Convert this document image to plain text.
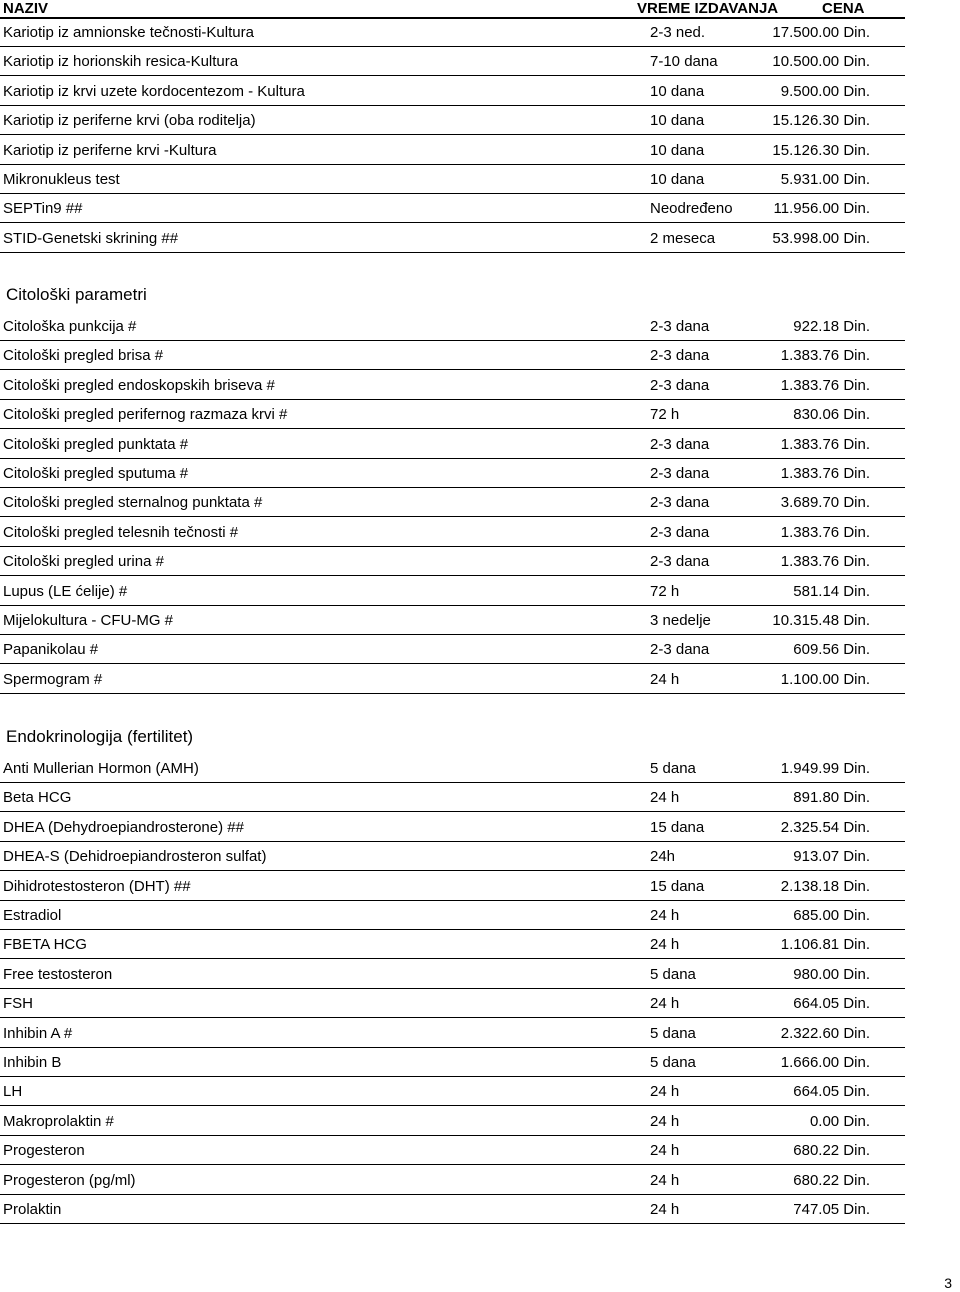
NAZIV	VREME IZDAVANJA	CENA
Kariotip iz amnionske tečnosti-Kultura	2-3 ned.	17.500.00 Din.
Kariotip iz horionskih resica-Kultura	7-10 dana	10.500.00 Din.
Kariotip iz krvi uzete kordocentezom - Kultura	10 dana	9.500.00 Din.
Kariotip iz periferne krvi (oba roditelja)	10 dana	15.126.30 Din.
Kariotip iz periferne krvi -Kultura	10 dana	15.126.30 Din.
Mikronukleus test	10 dana	5.931.00 Din.
SEPTin9 ##	Neodređeno	11.956.00 Din.
STID-Genetski skrining ##	2 meseca	53.998.00 Din.
Citološki parametri
Citološka punkcija #	2-3 dana	922.18 Din.
Citološki pregled brisa #	2-3 dana	1.383.76 Din.
Citološki pregled endoskopskih briseva #	2-3 dana	1.383.76 Din.
Citološki pregled perifernog razmaza krvi #	72 h	830.06 Din.
Citološki pregled punktata #	2-3 dana	1.383.76 Din.
Citološki pregled sputuma #	2-3 dana	1.383.76 Din.
Citološki pregled sternalnog punktata #	2-3 dana	3.689.70 Din.
Citološki pregled telesnih tečnosti #	2-3 dana	1.383.76 Din.
Citološki pregled urina #	2-3 dana	1.383.76 Din.
Lupus (LE ćelije) #	72 h	581.14 Din.
Mijelokultura - CFU-MG #	3 nedelje	10.315.48 Din.
Papanikolau #	2-3 dana	609.56 Din.
Spermogram #	24 h	1.100.00 Din.
Endokrinologija (fertilitet)
Anti Mullerian Hormon (AMH)	5 dana	1.949.99 Din.
Beta HCG	24 h	891.80 Din.
DHEA (Dehydroepiandrosterone) ##	15 dana	2.325.54 Din.
DHEA-S (Dehidroepiandrosteron sulfat)	24h	913.07 Din.
Dihidrotestosteron (DHT) ##	15 dana	2.138.18 Din.
Estradiol	24 h	685.00 Din.
FBETA HCG	24 h	1.106.81 Din.
Free testosteron	5 dana	980.00 Din.
FSH	24 h	664.05 Din.
Inhibin A #	5 dana	2.322.60 Din.
Inhibin B	5 dana	1.666.00 Din.
LH	24 h	664.05 Din.
Makroprolaktin #	24 h	0.00 Din.
Progesteron	24 h	680.22 Din.
Progesteron (pg/ml)	24 h	680.22 Din.
Prolaktin	24 h	747.05 Din.
3
